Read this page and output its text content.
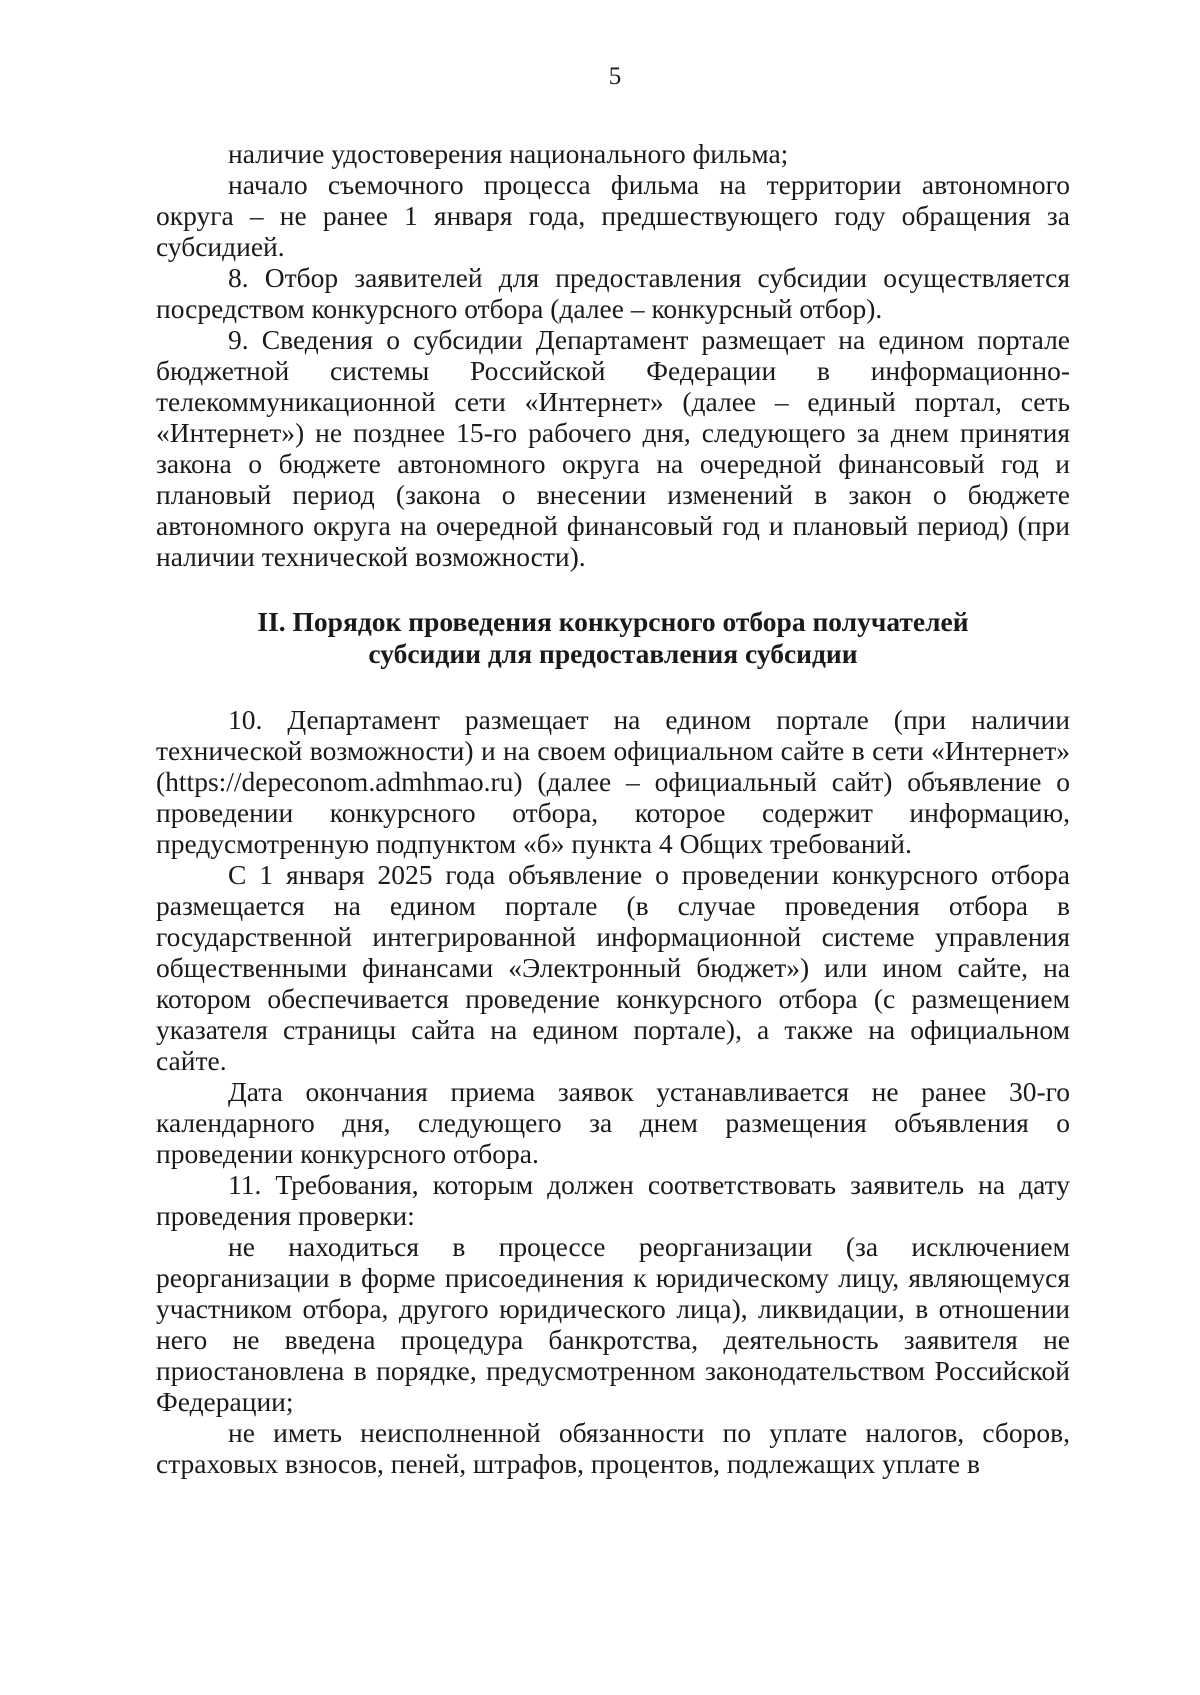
5

наличие удостоверения национального фильма;

начало съемочного процесса фильма на территории автономного округа – не ранее 1 января года, предшествующего году обращения за субсидией.

8. Отбор заявителей для предоставления субсидии осуществляется посредством конкурсного отбора (далее – конкурсный отбор).

9. Сведения о субсидии Департамент размещает на едином портале бюджетной системы Российской Федерации в информационно-телекоммуникационной сети «Интернет» (далее – единый портал, сеть «Интернет») не позднее 15-го рабочего дня, следующего за днем принятия закона о бюджете автономного округа на очередной финансовый год и плановый период (закона о внесении изменений в закон о бюджете автономного округа на очередной финансовый год и плановый период) (при наличии технической возможности).

II. Порядок проведения конкурсного отбора получателей
субсидии для предоставления субсидии

10. Департамент размещает на едином портале (при наличии технической возможности) и на своем официальном сайте в сети «Интернет» (https://depeconom.admhmao.ru) (далее – официальный сайт) объявление о проведении конкурсного отбора, которое содержит информацию, предусмотренную подпунктом «б» пункта 4 Общих требований.

С 1 января 2025 года объявление о проведении конкурсного отбора размещается на едином портале (в случае проведения отбора в государственной интегрированной информационной системе управления общественными финансами «Электронный бюджет») или ином сайте, на котором обеспечивается проведение конкурсного отбора (с размещением указателя страницы сайта на едином портале), а также на официальном сайте.

Дата окончания приема заявок устанавливается не ранее 30-го календарного дня, следующего за днем размещения объявления о проведении конкурсного отбора.

11. Требования, которым должен соответствовать заявитель на дату проведения проверки:

не находиться в процессе реорганизации (за исключением реорганизации в форме присоединения к юридическому лицу, являющемуся участником отбора, другого юридического лица), ликвидации, в отношении него не введена процедура банкротства, деятельность заявителя не приостановлена в порядке, предусмотренном законодательством Российской Федерации;

не иметь неисполненной обязанности по уплате налогов, сборов, страховых взносов, пеней, штрафов, процентов, подлежащих уплате в
